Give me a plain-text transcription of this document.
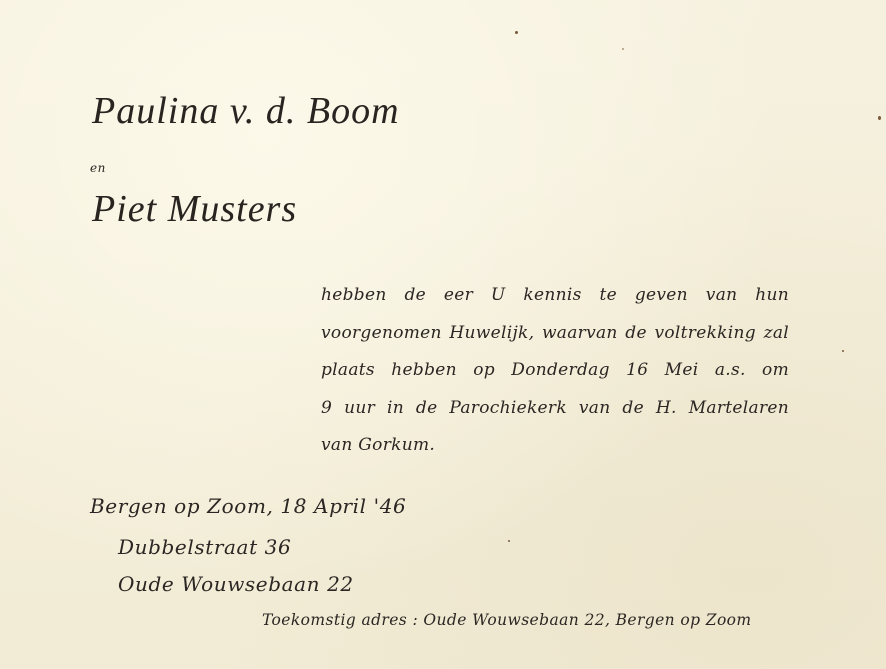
Paulina v. d. Boom

en

Piet Musters

hebben de eer U kennis te geven van hun
voorgenomen Huwelijk, waarvan de voltrekking zal
plaats hebben op Donderdag 16 Mei a.s. om
9 uur in de Parochiekerk van de H. Martelaren
van Gorkum.

Bergen op Zoom, 18 April '46

Dubbelstraat 36

Oude Wouwsebaan 22

Toekomstig adres : Oude Wouwsebaan 22, Bergen op Zoom
